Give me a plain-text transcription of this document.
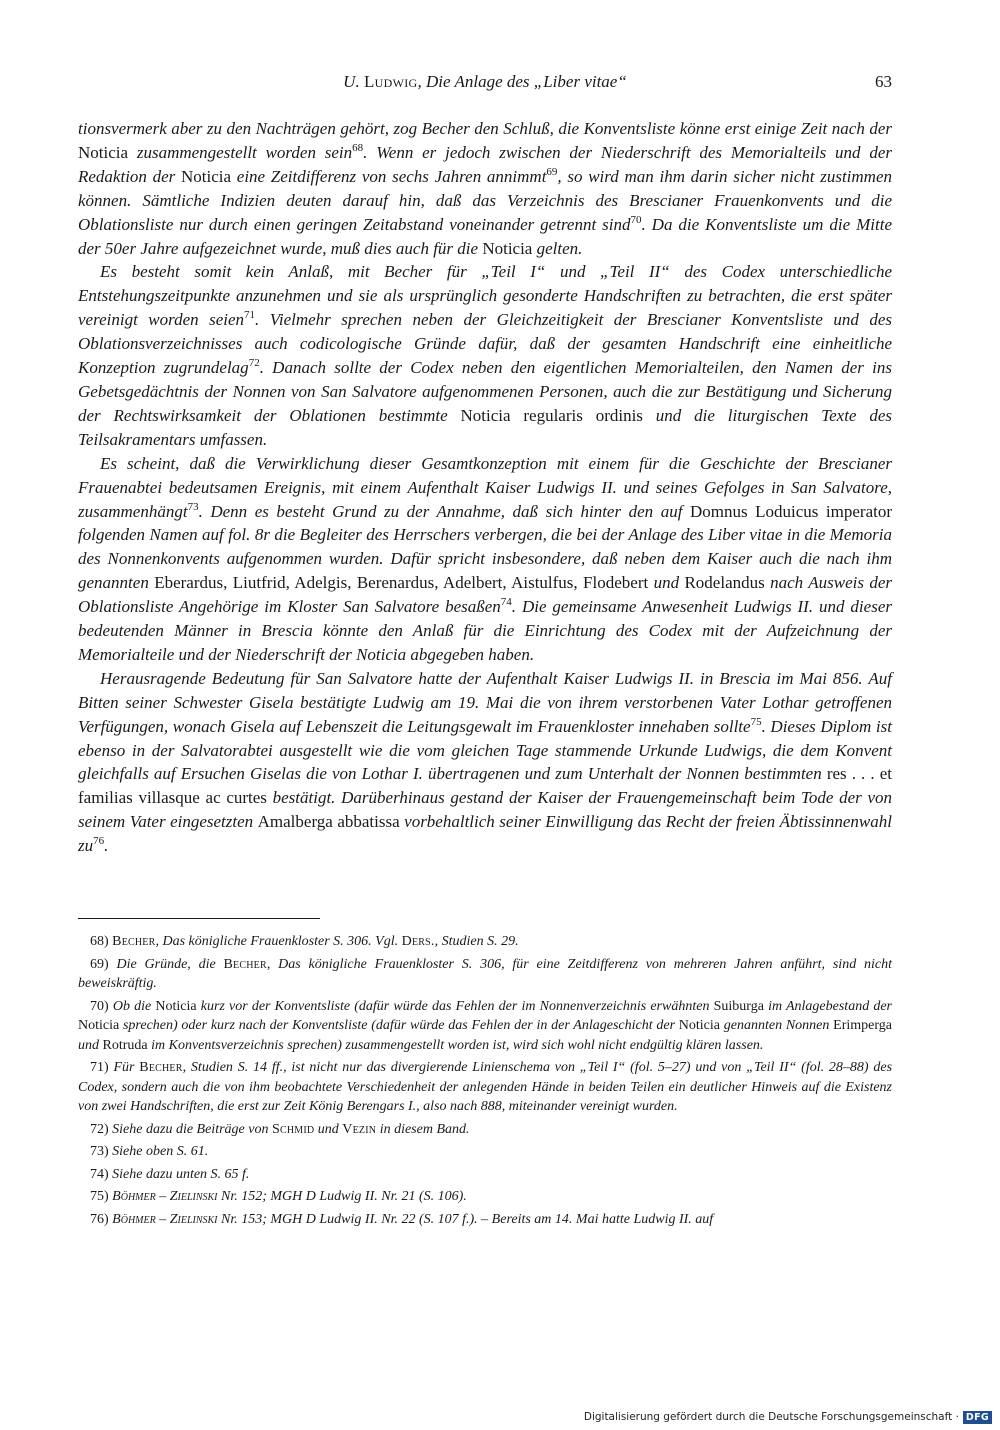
U. Ludwig, Die Anlage des „Liber vitae“	63

tionsvermerk aber zu den Nachträgen gehört, zog Becher den Schluß, die Konventsliste könne erst einige Zeit nach der Noticia zusammengestellt worden sein$^{68}$. Wenn er jedoch zwischen der Niederschrift des Memorialteils und der Redaktion der Noticia eine Zeitdifferenz von sechs Jahren annimmt$^{69}$, so wird man ihm darin sicher nicht zustimmen können. Sämtliche Indizien deuten darauf hin, daß das Verzeichnis des Brescianer Frauenkonvents und die Oblationsliste nur durch einen geringen Zeitabstand voneinander getrennt sind$^{70}$. Da die Konventsliste um die Mitte der 50er Jahre aufgezeichnet wurde, muß dies auch für die Noticia gelten.

Es besteht somit kein Anlaß, mit Becher für „Teil I“ und „Teil II“ des Codex unterschiedliche Entstehungszeitpunkte anzunehmen und sie als ursprünglich gesonderte Handschriften zu betrachten, die erst später vereinigt worden seien$^{71}$. Vielmehr sprechen neben der Gleichzeitigkeit der Brescianer Konventsliste und des Oblationsverzeichnisses auch codicologische Gründe dafür, daß der gesamten Handschrift eine einheitliche Konzeption zugrundelag$^{72}$. Danach sollte der Codex neben den eigentlichen Memorialteilen, den Namen der ins Gebetsgedächtnis der Nonnen von San Salvatore aufgenommenen Personen, auch die zur Bestätigung und Sicherung der Rechtswirksamkeit der Oblationen bestimmte Noticia regularis ordinis und die liturgischen Texte des Teilsakramentars umfassen.

Es scheint, daß die Verwirklichung dieser Gesamtkonzeption mit einem für die Geschichte der Brescianer Frauenabtei bedeutsamen Ereignis, mit einem Aufenthalt Kaiser Ludwigs II. und seines Gefolges in San Salvatore, zusammenhängt$^{73}$. Denn es besteht Grund zu der Annahme, daß sich hinter den auf Domnus Loduicus imperator folgenden Namen auf fol. 8r die Begleiter des Herrschers verbergen, die bei der Anlage des Liber vitae in die Memoria des Nonnenkonvents aufgenommen wurden. Dafür spricht insbesondere, daß neben dem Kaiser auch die nach ihm genannten Eberardus, Liutfrid, Adelgis, Berenardus, Adelbert, Aistulfus, Flodebert und Rodelandus nach Ausweis der Oblationsliste Angehörige im Kloster San Salvatore besaßen$^{74}$. Die gemeinsame Anwesenheit Ludwigs II. und dieser bedeutenden Männer in Brescia könnte den Anlaß für die Einrichtung des Codex mit der Aufzeichnung der Memorialteile und der Niederschrift der Noticia abgegeben haben.

Herausragende Bedeutung für San Salvatore hatte der Aufenthalt Kaiser Ludwigs II. in Brescia im Mai 856. Auf Bitten seiner Schwester Gisela bestätigte Ludwig am 19. Mai die von ihrem verstorbenen Vater Lothar getroffenen Verfügungen, wonach Gisela auf Lebenszeit die Leitungsgewalt im Frauenkloster innehaben sollte$^{75}$. Dieses Diplom ist ebenso in der Salvatorabtei ausgestellt wie die vom gleichen Tage stammende Urkunde Ludwigs, die dem Konvent gleichfalls auf Ersuchen Giselas die von Lothar I. übertragenen und zum Unterhalt der Nonnen bestimmten res . . . et familias villasque ac curtes bestätigt. Darüberhinaus gestand der Kaiser der Frauengemeinschaft beim Tode der von seinem Vater eingesetzten Amalberga abbatissa vorbehaltlich seiner Einwilligung das Recht der freien Äbtissinnenwahl $zu^{76}$.

68) Becher, Das königliche Frauenkloster S. 306. Vgl. Ders., Studien S. 29.
69) Die Gründe, die Becher, Das königliche Frauenkloster S. 306, für eine Zeitdifferenz von mehreren Jahren anführt, sind nicht beweiskräftig.
70) Ob die Noticia kurz vor der Konventsliste (dafür würde das Fehlen der im Nonnenverzeichnis erwähnten Suiburga im Anlagebestand der Noticia sprechen) oder kurz nach der Konventsliste (dafür würde das Fehlen der in der Anlageschicht der Noticia genannten Nonnen Erimperga und Rotruda im Konventsverzeichnis sprechen) zusammengestellt worden ist, wird sich wohl nicht endgültig klären lassen.
71) Für Becher, Studien S. 14 ff., ist nicht nur das divergierende Linienschema von „Teil I“ (fol. 5–27) und von „Teil II“ (fol. 28–88) des Codex, sondern auch die von ihm beobachtete Verschiedenheit der anlegenden Hände in beiden Teilen ein deutlicher Hinweis auf die Existenz von zwei Handschriften, die erst zur Zeit König Berengars I., also nach 888, miteinander vereinigt wurden.
72) Siehe dazu die Beiträge von Schmid und Vezin in diesem Band.
73) Siehe oben S. 61.
74) Siehe dazu unten S. 65 f.
75) Böhmer – Zielinski Nr. 152; MGH D Ludwig II. Nr. 21 (S. 106).
76) Böhmer – Zielinski Nr. 153; MGH D Ludwig II. Nr. 22 (S. 107 f.). – Bereits am 14. Mai hatte Ludwig II. auf
Digitalisierung gefördert durch die Deutsche Forschungsgemeinschaft · DFG
